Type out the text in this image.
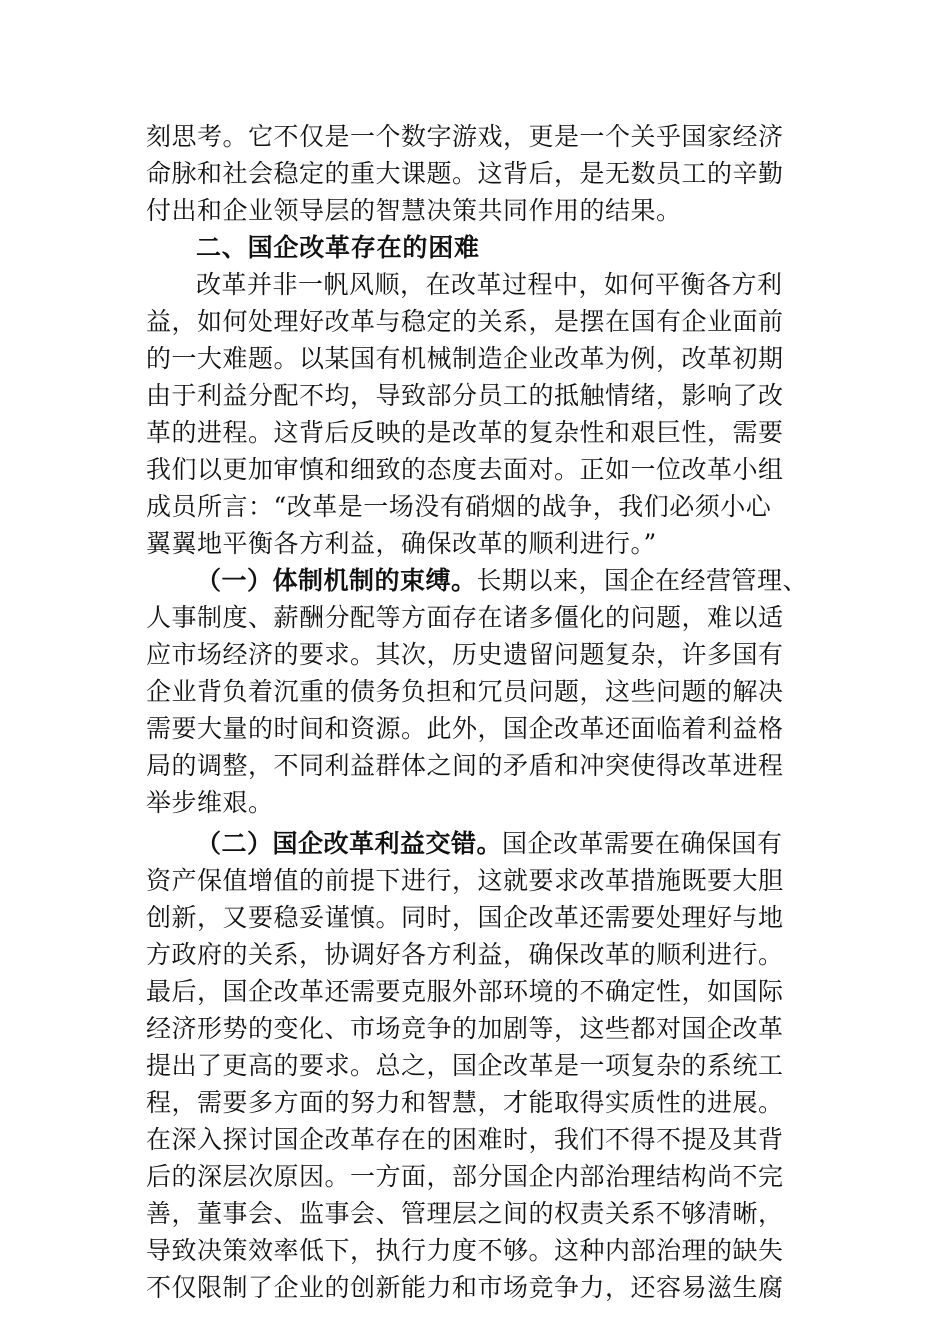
刻思考。它不仅是一个数字游戏，更是一个关乎国家经济
命脉和社会稳定的重大课题。这背后，是无数员工的辛勤
付出和企业领导层的智慧决策共同作用的结果。
二、国企改革存在的困难
改革并非一帆风顺，在改革过程中，如何平衡各方利
益，如何处理好改革与稳定的关系，是摆在国有企业面前
的一大难题。以某国有机械制造企业改革为例，改革初期
由于利益分配不均，导致部分员工的抵触情绪，影响了改
革的进程。这背后反映的是改革的复杂性和艰巨性，需要
我们以更加审慎和细致的态度去面对。正如一位改革小组
成员所言：“改革是一场没有硝烟的战争，我们必须小心
翼翼地平衡各方利益，确保改革的顺利进行。”
（一）体制机制的束缚。长期以来，国企在经营管理、
人事制度、薪酬分配等方面存在诸多僵化的问题，难以适
应市场经济的要求。其次，历史遗留问题复杂，许多国有
企业背负着沉重的债务负担和冗员问题，这些问题的解决
需要大量的时间和资源。此外，国企改革还面临着利益格
局的调整，不同利益群体之间的矛盾和冲突使得改革进程
举步维艰。
（二）国企改革利益交错。国企改革需要在确保国有
资产保值增值的前提下进行，这就要求改革措施既要大胆
创新，又要稳妥谨慎。同时，国企改革还需要处理好与地
方政府的关系，协调好各方利益，确保改革的顺利进行。
最后，国企改革还需要克服外部环境的不确定性，如国际
经济形势的变化、市场竞争的加剧等，这些都对国企改革
提出了更高的要求。总之，国企改革是一项复杂的系统工
程，需要多方面的努力和智慧，才能取得实质性的进展。
在深入探讨国企改革存在的困难时，我们不得不提及其背
后的深层次原因。一方面，部分国企内部治理结构尚不完
善，董事会、监事会、管理层之间的权责关系不够清晰，
导致决策效率低下，执行力度不够。这种内部治理的缺失
不仅限制了企业的创新能力和市场竞争力，还容易滋生腐
